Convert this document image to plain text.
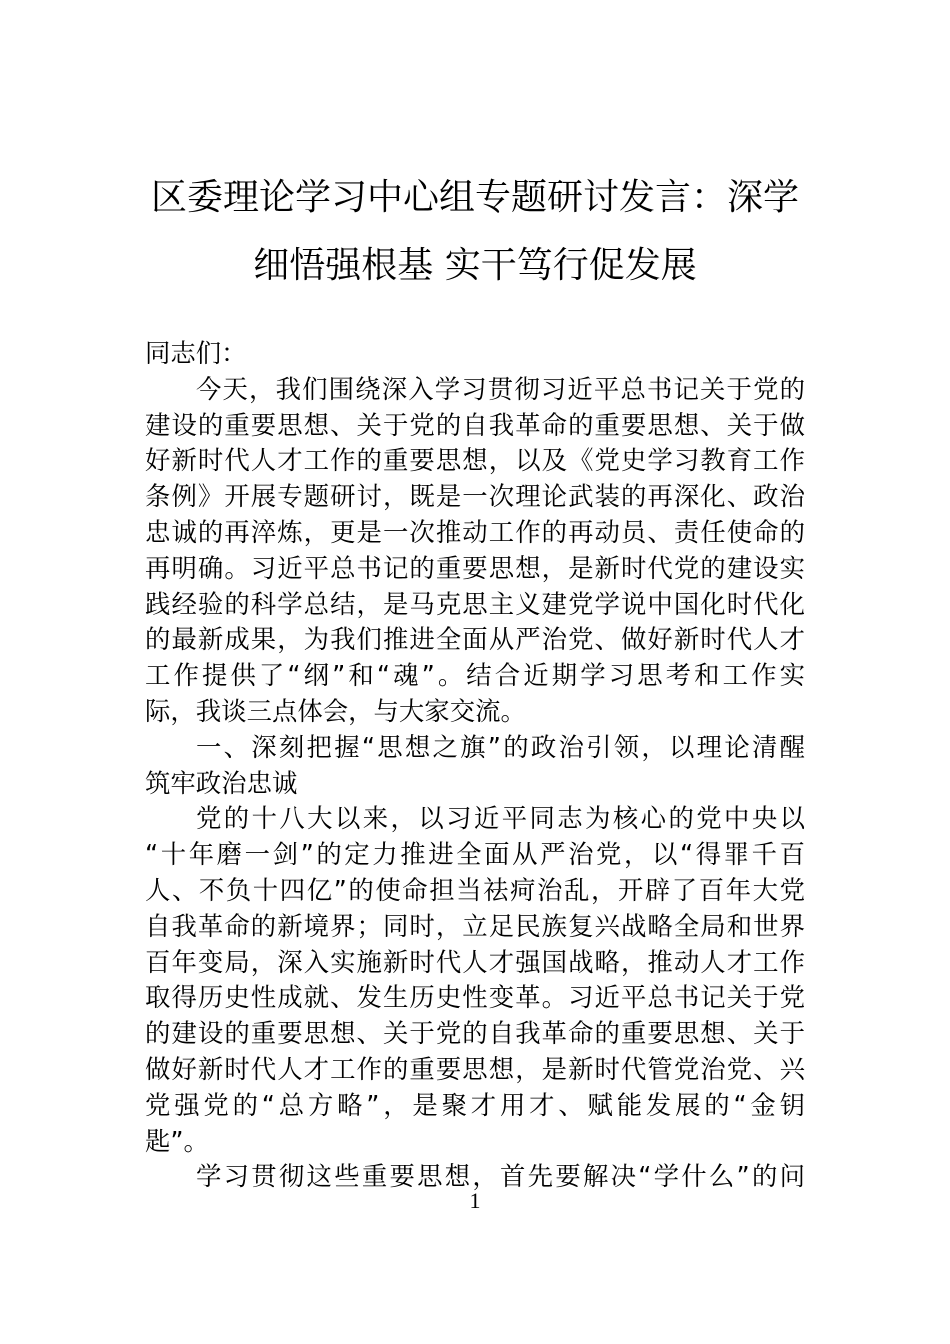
区委理论学习中心组专题研讨发言：深学
细悟强根基 实干笃行促发展
同志们：
今天，我们围绕深入学习贯彻习近平总书记关于党的
建设的重要思想、关于党的自我革命的重要思想、关于做
好新时代人才工作的重要思想，以及《党史学习教育工作
条例》开展专题研讨，既是一次理论武装的再深化、政治
忠诚的再淬炼，更是一次推动工作的再动员、责任使命的
再明确。习近平总书记的重要思想，是新时代党的建设实
践经验的科学总结，是马克思主义建党学说中国化时代化
的最新成果，为我们推进全面从严治党、做好新时代人才
工作提供了“纲”和“魂”。结合近期学习思考和工作实
际，我谈三点体会，与大家交流。
一、深刻把握“思想之旗”的政治引领，以理论清醒
筑牢政治忠诚
党的十八大以来，以习近平同志为核心的党中央以
“十年磨一剑”的定力推进全面从严治党，以“得罪千百
人、不负十四亿”的使命担当祛疴治乱，开辟了百年大党
自我革命的新境界；同时，立足民族复兴战略全局和世界
百年变局，深入实施新时代人才强国战略，推动人才工作
取得历史性成就、发生历史性变革。习近平总书记关于党
的建设的重要思想、关于党的自我革命的重要思想、关于
做好新时代人才工作的重要思想，是新时代管党治党、兴
党强党的“总方略”，是聚才用才、赋能发展的“金钥
匙”。
学习贯彻这些重要思想，首先要解决“学什么”的问
1
